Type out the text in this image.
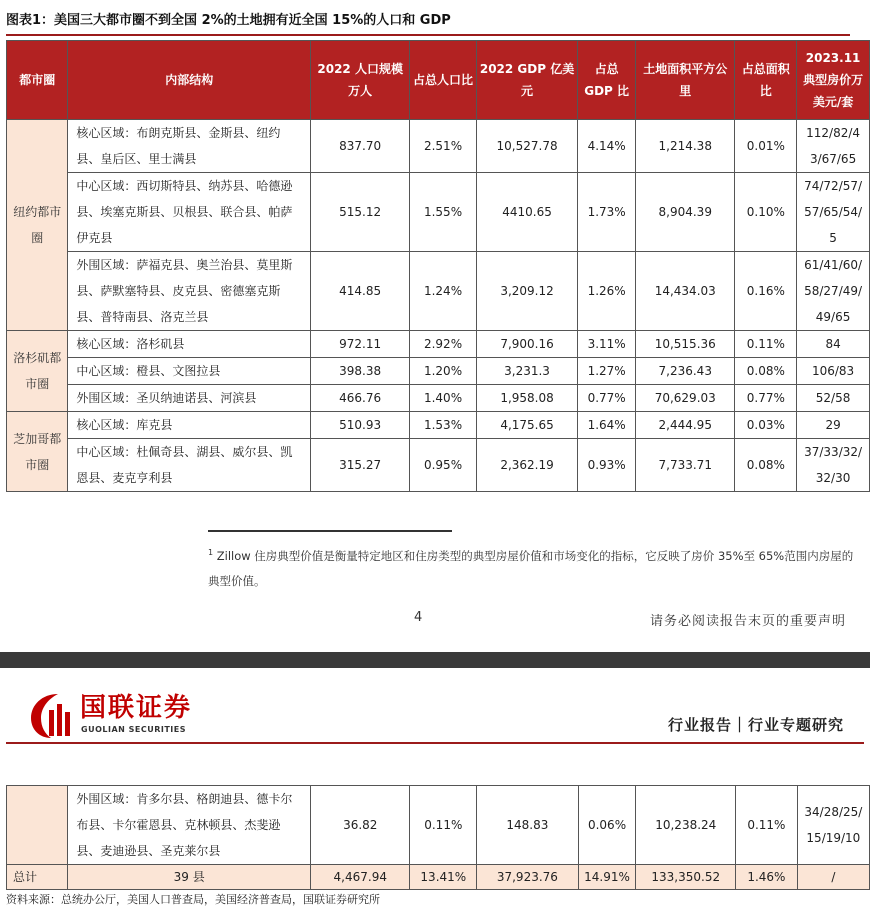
图表1：美国三大都市圈不到全国 2%的土地拥有近全国 15%的人口和 GDP
都市圈	内部结构	2022 人口规模万人	占总人口比	2022 GDP 亿美元	占总 GDP 比	土地面积平方公里	占总面积比	2023.11 典型房价万美元/套
纽约都市圈	核心区域：布朗克斯县、金斯县、纽约县、皇后区、里士满县	837.70	2.51%	10,527.78	4.14%	1,214.38	0.01%	112/82/43/67/65
	中心区域：西切斯特县、纳苏县、哈德逊县、埃塞克斯县、贝根县、联合县、帕萨伊克县	515.12	1.55%	4410.65	1.73%	8,904.39	0.10%	74/72/57/57/65/54/5
	外围区域：萨福克县、奥兰治县、莫里斯县、萨默塞特县、皮克县、密德塞克斯县、普特南县、洛克兰县	414.85	1.24%	3,209.12	1.26%	14,434.03	0.16%	61/41/60/58/27/49/49/65
洛杉矶都市圈	核心区域：洛杉矶县	972.11	2.92%	7,900.16	3.11%	10,515.36	0.11%	84
	中心区域：橙县、文图拉县	398.38	1.20%	3,231.3	1.27%	7,236.43	0.08%	106/83
	外围区域：圣贝纳迪诺县、河滨县	466.76	1.40%	1,958.08	0.77%	70,629.03	0.77%	52/58
芝加哥都市圈	核心区域：库克县	510.93	1.53%	4,175.65	1.64%	2,444.95	0.03%	29
	中心区域：杜佩奇县、湖县、威尔县、凯恩县、麦克亨利县	315.27	0.95%	2,362.19	0.93%	7,733.71	0.08%	37/33/32/32/30
$^1$ Zillow 住房典型价值是衡量特定地区和住房类型的典型房屋价值和市场变化的指标，它反映了房价 35%至 65%范围内房屋的典型价值。
4	请务必阅读报告末页的重要声明
国联证券
GUOLIAN SECURITIES	行业报告｜行业专题研究
	外围区域：肯多尔县、格朗迪县、德卡尔布县、卡尔霍恩县、克林顿县、杰斐逊县、麦迪逊县、圣克莱尔县	36.82	0.11%	148.83	0.06%	10,238.24	0.11%	34/28/25/15/19/10
总计	39 县	4,467.94	13.41%	37,923.76	14.91%	133,350.52	1.46%	/
资料来源：总统办公厅，美国人口普查局，美国经济普查局，国联证券研究所
